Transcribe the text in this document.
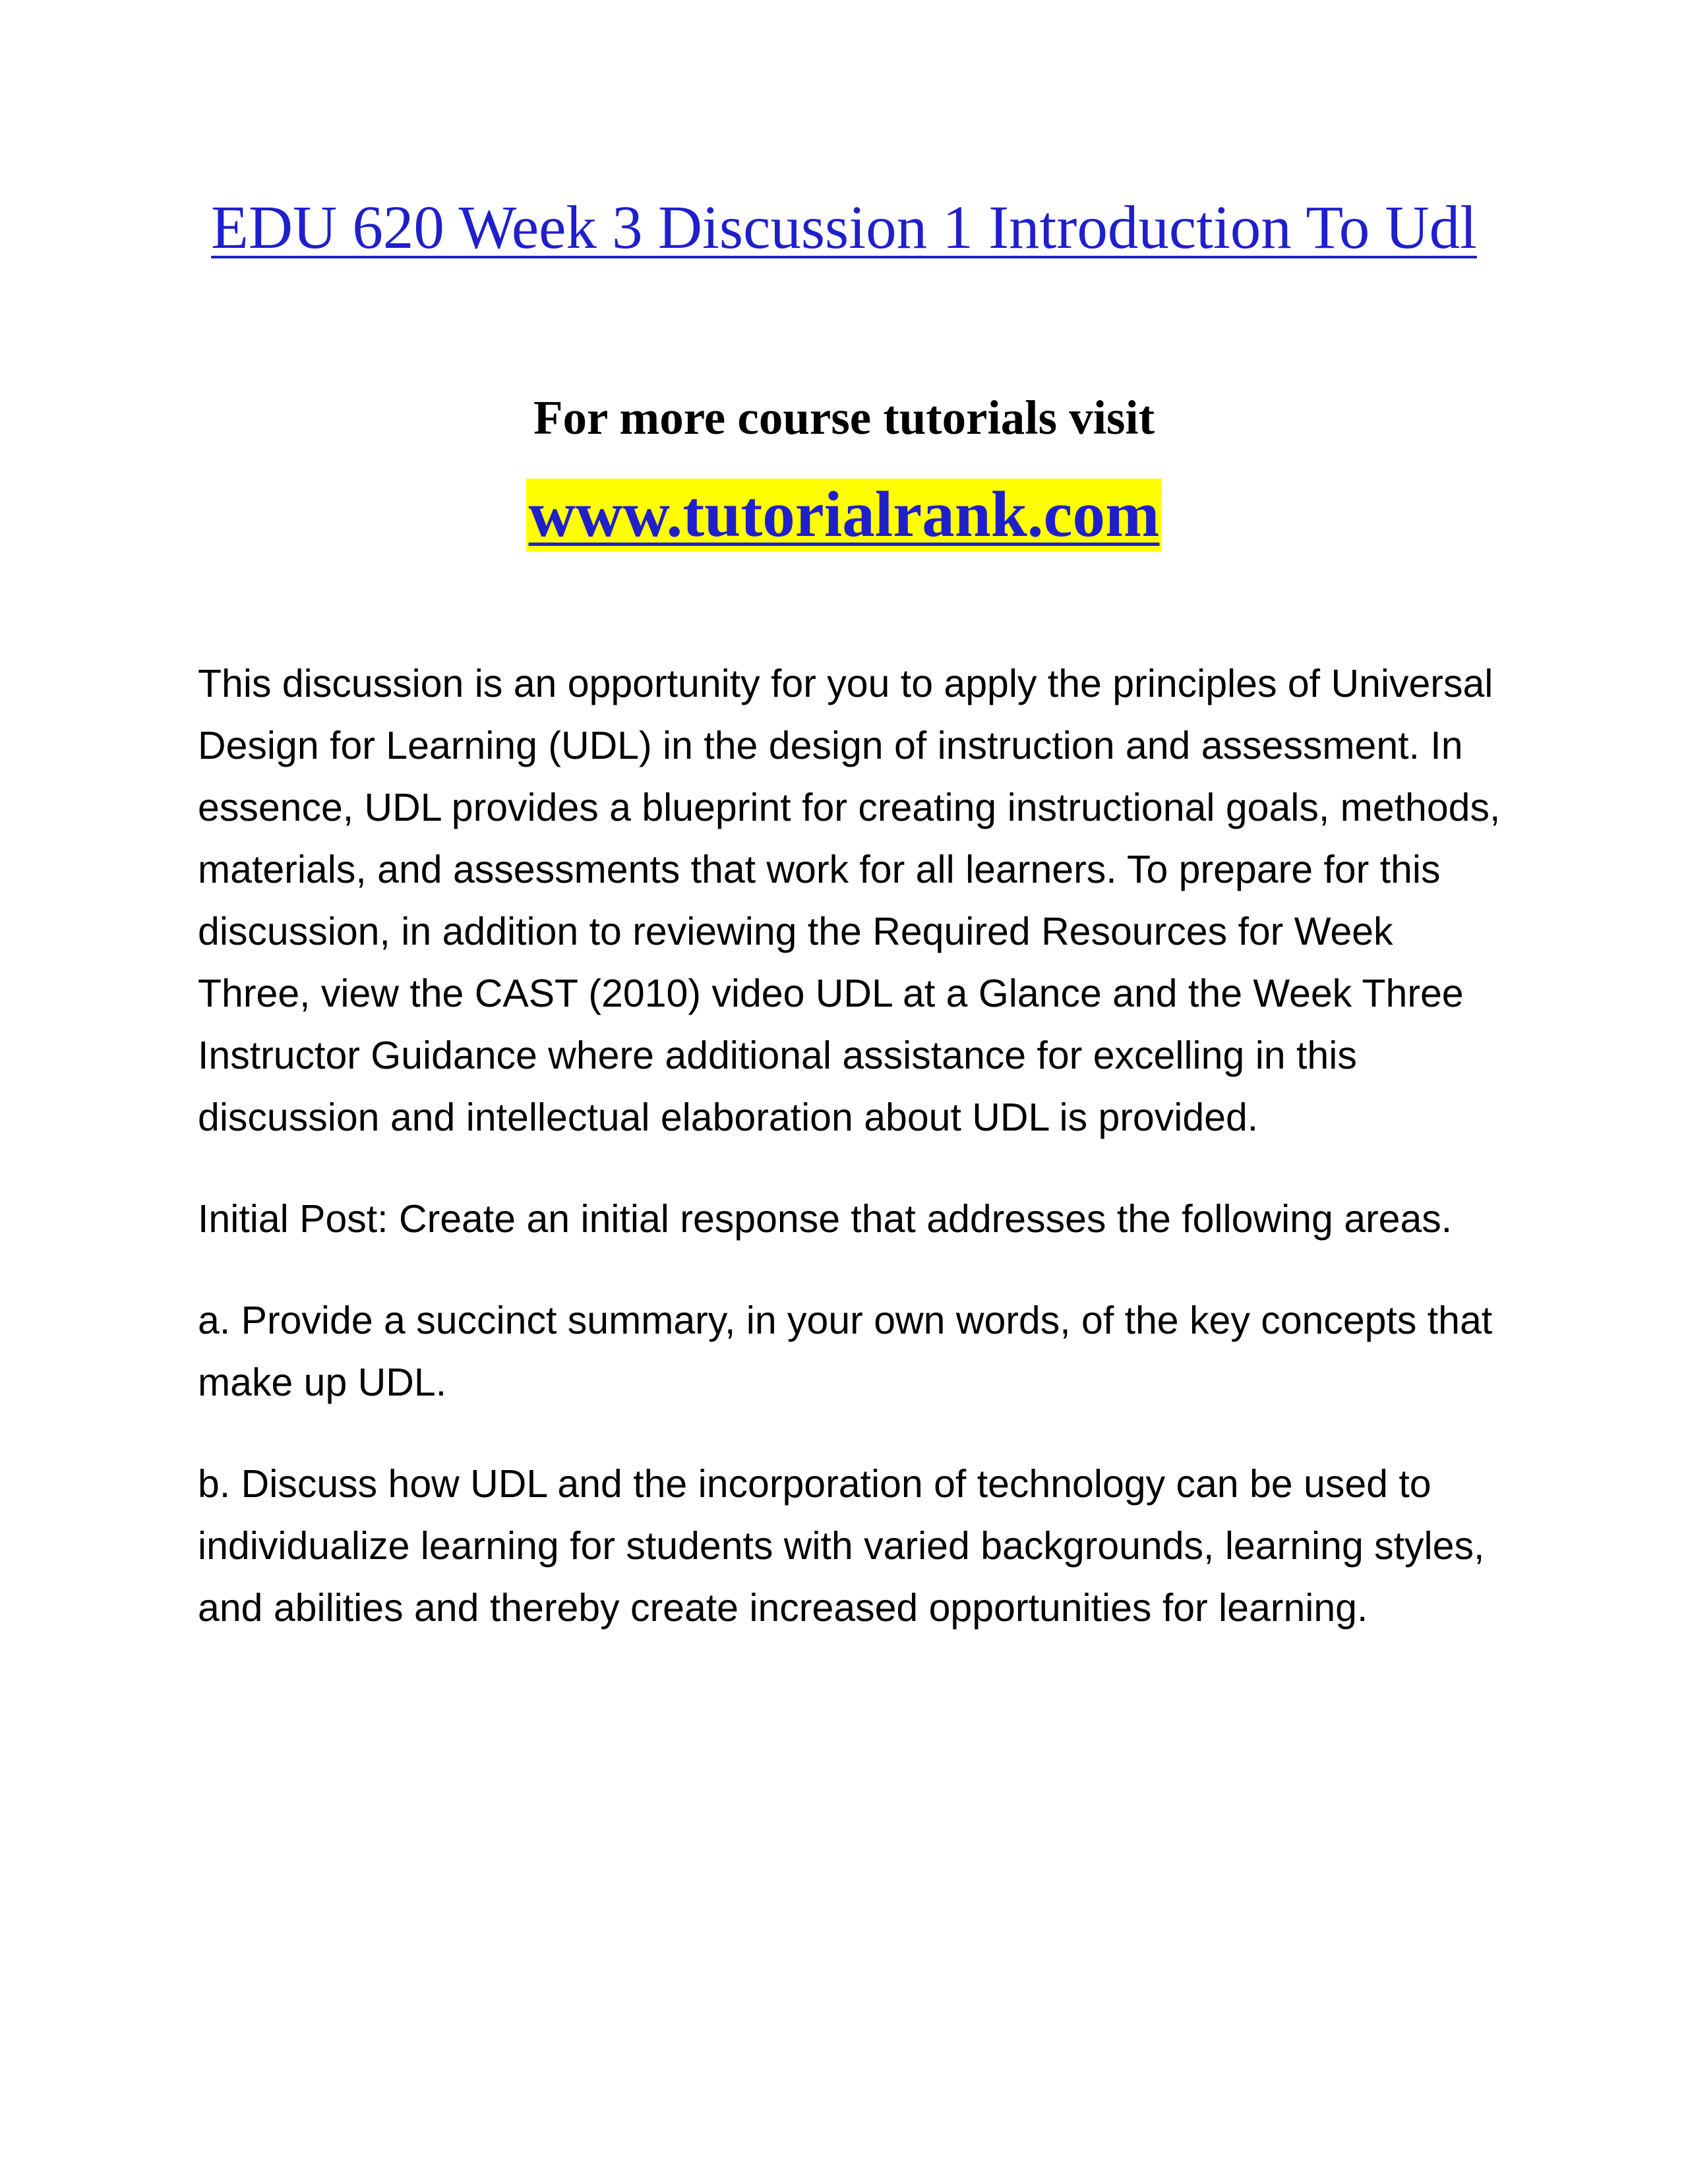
EDU 620 Week 3 Discussion 1 Introduction To Udl
For more course tutorials visit
www.tutorialrank.com

This discussion is an opportunity for you to apply the principles of Universal Design for Learning (UDL) in the design of instruction and assessment. In essence, UDL provides a blueprint for creating instructional goals, methods, materials, and assessments that work for all learners. To prepare for this discussion, in addition to reviewing the Required Resources for Week Three, view the CAST (2010) video UDL at a Glance and the Week Three Instructor Guidance where additional assistance for excelling in this discussion and intellectual elaboration about UDL is provided.

Initial Post: Create an initial response that addresses the following areas.

a. Provide a succinct summary, in your own words, of the key concepts that make up UDL.

b. Discuss how UDL and the incorporation of technology can be used to individualize learning for students with varied backgrounds, learning styles, and abilities and thereby create increased opportunities for learning.
